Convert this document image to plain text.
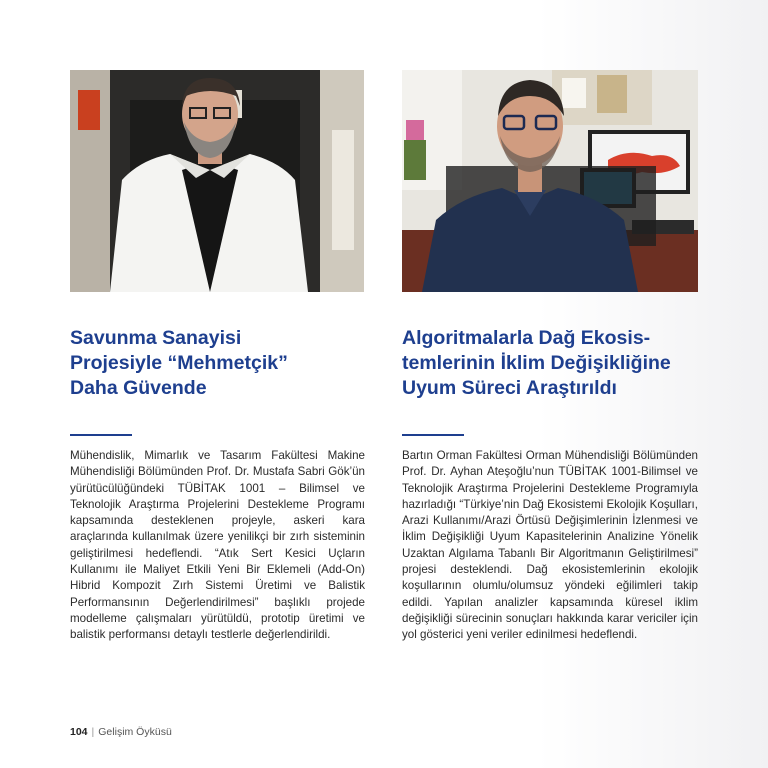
Savunma Sanayisi
Projesiyle “Mehmetçik”
Daha Güvende

Mühendislik, Mimarlık ve Tasarım Fakültesi Makine Mühendisliği Bölümünden Prof. Dr. Mustafa Sabri Gök’ün yürütücülüğündeki TÜBİTAK 1001 – Bilimsel ve Teknolojik Araştırma Projelerini Destekleme Programı kapsamında desteklenen projeyle, askeri kara araçlarında kullanılmak üzere yenilikçi bir zırh sisteminin geliştirilmesi hedeflendi. “Atık Sert Kesici Uçların Kullanımı ile Maliyet Etkili Yeni Bir Eklemeli (Add-On) Hibrid Kompozit Zırh Sistemi Üretimi ve Balistik Performansının Değerlendirilmesi” başlıklı projede modelleme çalışmaları yürütüldü, prototip üretimi ve balistik performansı detaylı testlerle değerlendirildi.

Algoritmalarla Dağ Ekosis-
temlerinin İklim Değişikliğine
Uyum Süreci Araştırıldı

Bartın Orman Fakültesi Orman Mühendisliği Bölümünden Prof. Dr. Ayhan Ateşoğlu’nun TÜBİTAK 1001-Bilimsel ve Teknolojik Araştırma Projelerini Destekleme Programıyla hazırladığı “Türkiye’nin Dağ Ekosistemi Ekolojik Koşulları, Arazi Kullanımı/Arazi Örtüsü Değişimlerinin İzlenmesi ve İklim Değişikliği Uyum Kapasitelerinin Analizine Yönelik Uzaktan Algılama Tabanlı Bir Algoritmanın Geliştirilmesi” projesi desteklendi. Dağ ekosistemlerinin ekolojik koşullarının olumlu/olumsuz yöndeki eğilimleri takip edildi. Yapılan analizler kapsamında küresel iklim değişikliği sürecinin sonuçları hakkında karar vericiler için yol gösterici yeni veriler edinilmesi hedeflendi.

104 | Gelişim Öyküsü
